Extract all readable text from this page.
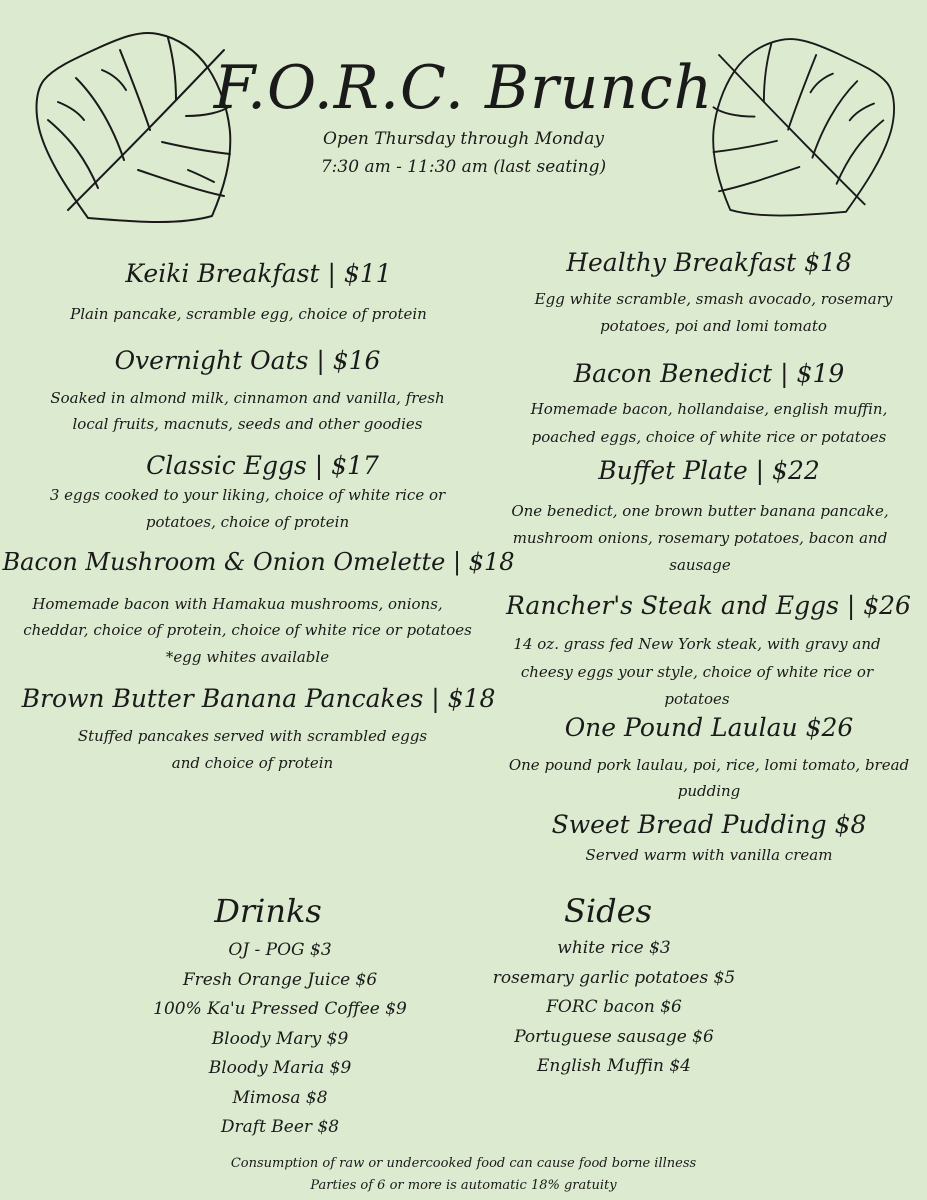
F.O.R.C. Brunch
Open Thursday through Monday
7:30 am - 11:30 am (last seating)
Keiki Breakfast | $11
Plain pancake, scramble egg, choice of protein
Overnight Oats | $16
Soaked in almond milk, cinnamon and vanilla, fresh
local fruits, macnuts, seeds and other goodies
Classic Eggs | $17
3 eggs cooked to your liking, choice of white rice or
potatoes, choice of protein
Bacon Mushroom & Onion Omelette | $18
Homemade bacon with Hamakua mushrooms, onions,
cheddar, choice of protein, choice of white rice or potatoes
*egg whites available
Brown Butter Banana Pancakes | $18
Stuffed pancakes served with scrambled eggs
and choice of protein
Healthy Breakfast $18
Egg white scramble, smash avocado, rosemary
potatoes, poi and lomi tomato
Bacon Benedict | $19
Homemade bacon, hollandaise, english muffin,
poached eggs, choice of white rice or potatoes
Buffet Plate | $22
One benedict, one brown butter banana pancake,
mushroom onions, rosemary potatoes, bacon and
sausage
Rancher's Steak and Eggs | $26
14 oz. grass fed New York steak, with gravy and
cheesy eggs your style, choice of white rice or
potatoes
One Pound Laulau $26
One pound pork laulau, poi, rice, lomi tomato, bread
pudding
Sweet Bread Pudding $8
Served warm with vanilla cream
Drinks
OJ - POG $3
Fresh Orange Juice $6
100% Ka'u Pressed Coffee $9
Bloody Mary $9
Bloody Maria $9
Mimosa $8
Draft Beer $8
Sides
white rice $3
rosemary garlic potatoes $5
FORC bacon $6
Portuguese sausage $6
English Muffin $4
Consumption of raw or undercooked food can cause food borne illness
Parties of 6 or more is automatic 18% gratuity
